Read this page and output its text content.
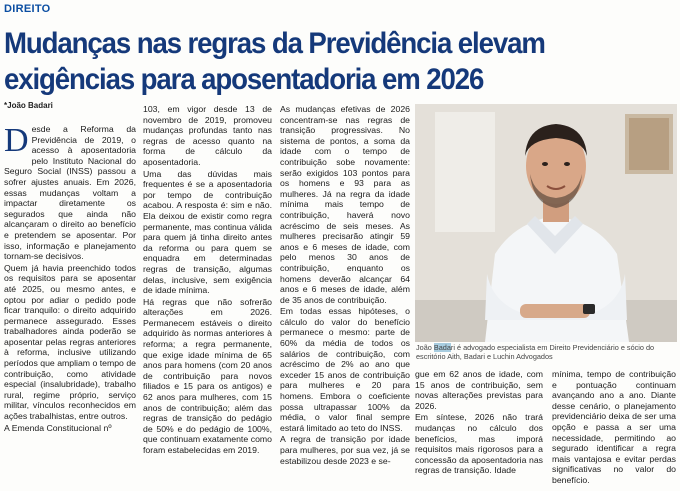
DIREITO
Mudanças nas regras da Previdência elevam exigências para aposentadoria em 2026
*João Badari
D esde a Reforma da Previdência de 2019, o acesso à aposentadoria pelo Instituto Nacional do Seguro Social (INSS) passou a sofrer ajustes anuais. Em 2026, essas mudanças voltam a impactar diretamente os segurados que ainda não alcançaram o direito ao benefício e pretendem se aposentar. Por isso, informação e planejamento tornam-se decisivos.

Quem já havia preenchido todos os requisitos para se aposentar até 2025, ou mesmo antes, e optou por adiar o pedido pode ficar tranquilo: o direito adquirido permanece assegurado. Esses trabalhadores ainda poderão se aposentar pelas regras anteriores à reforma, inclusive utilizando períodos que ampliam o tempo de contribuição, como atividade especial (insalubridade), trabalho rural, regime próprio, serviço militar, vínculos reconhecidos em ações trabalhistas, entre outros.

A Emenda Constitucional nº

103, em vigor desde 13 de novembro de 2019, promoveu mudanças profundas tanto nas regras de acesso quanto na forma de cálculo da aposentadoria.

Uma das dúvidas mais frequentes é se a aposentadoria por tempo de contribuição acabou. A resposta é: sim e não. Ela deixou de existir como regra permanente, mas continua válida para quem já tinha direito antes da reforma ou para quem se enquadra em determinadas regras de transição, algumas delas, inclusive, sem exigência de idade mínima.

Há regras que não sofrerão alterações em 2026. Permanecem estáveis o direito adquirido às normas anteriores à reforma; a regra permanente, que exige idade mínima de 65 anos para homens (com 20 anos de contribuição para novos filiados e 15 para os antigos) e 62 anos para mulheres, com 15 anos de contribuição; além das regras de transição do pedágio de 50% e do pedágio de 100%, que continuam exatamente como foram estabelecidas em 2019.

As mudanças efetivas de 2026 concentram-se nas regras de transição progressivas. No sistema de pontos, a soma da idade com o tempo de contribuição sobe novamente: serão exigidos 103 pontos para os homens e 93 para as mulheres. Já na regra da idade mínima mais tempo de contribuição, haverá novo acréscimo de seis meses. As mulheres precisarão atingir 59 anos e 6 meses de idade, com pelo menos 30 anos de contribuição, enquanto os homens deverão alcançar 64 anos e 6 meses de idade, além de 35 anos de contribuição.

Em todas essas hipóteses, o cálculo do valor do benefício permanece o mesmo: parte de 60% da média de todos os salários de contribuição, com acréscimo de 2% ao ano que exceder 15 anos de contribuição para mulheres e 20 para homens. Embora o coeficiente possa ultrapassar 100% da média, o valor final sempre estará limitado ao teto do INSS.

A regra de transição por idade para mulheres, por sua vez, já se estabilizou desde 2023 e se-

João Badari é advogado especialista em Direito Previdenciário e sócio do escritório Aith, Badari e Luchin Advogados

gue em 62 anos de idade, com 15 anos de contribuição, sem novas alterações previstas para 2026.

Em síntese, 2026 não trará mudanças no cálculo dos benefícios, mas imporá requisitos mais rigorosos para a concessão da aposentadoria nas regras de transição. Idade

mínima, tempo de contribuição e pontuação continuam avançando ano a ano. Diante desse cenário, o planejamento previdenciário deixa de ser uma opção e passa a ser uma necessidade, permitindo ao segurado identificar a regra mais vantajosa e evitar perdas significativas no valor do benefício.
